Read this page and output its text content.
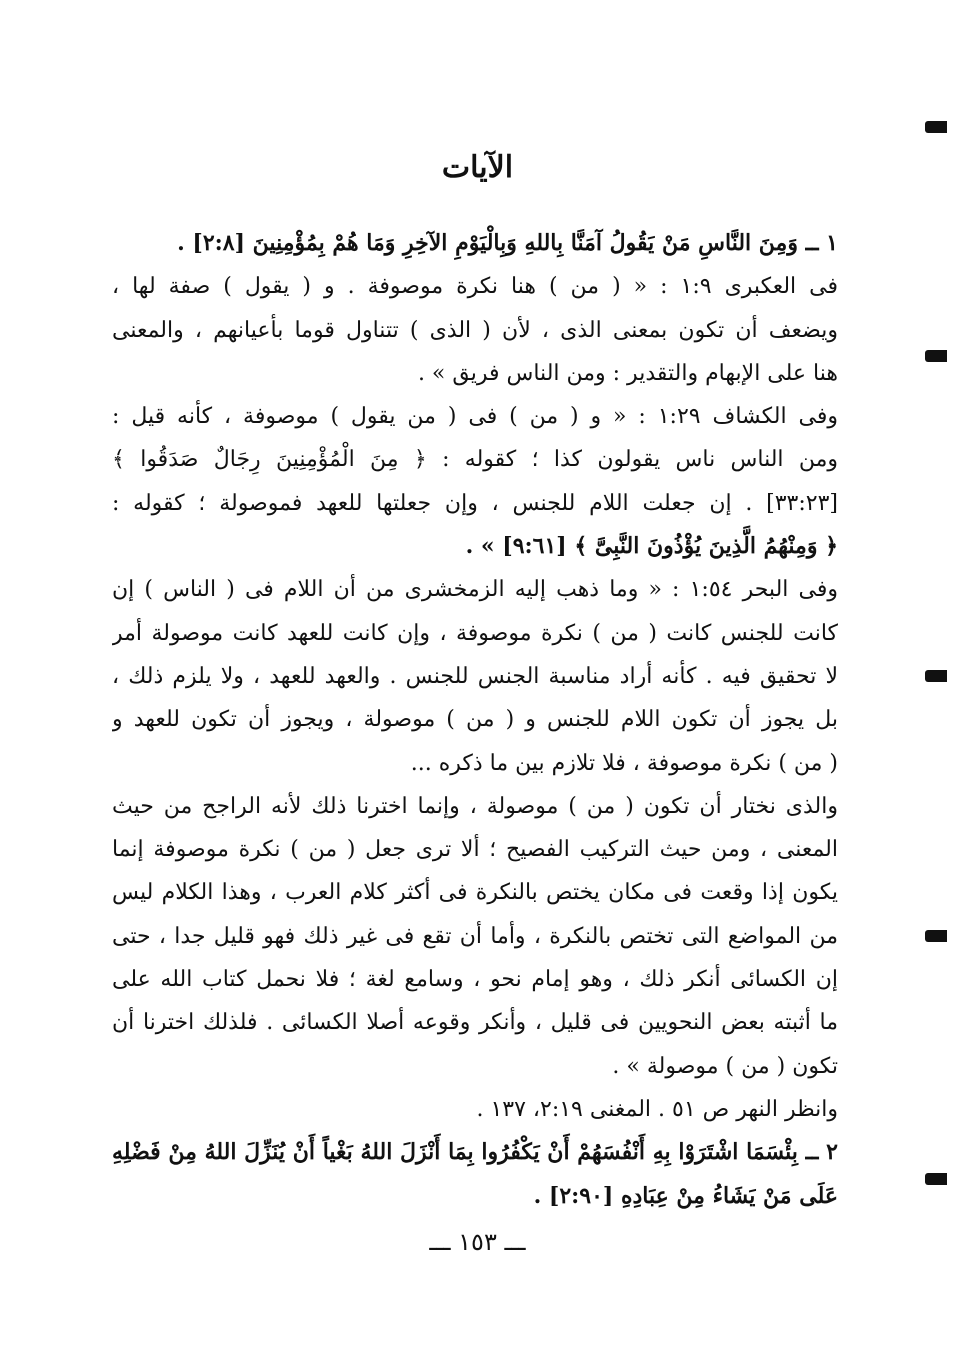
الآيات
١ ــ وَمِنَ النَّاسِ مَنْ يَقُولُ آمَنَّا بِاللهِ وَبِالْيَوْمِ الآخِرِ وَمَا هُمْ بِمُؤْمِنِينَ [٢:٨] .
فى العكبرى ١:٩ : « ( من ) هنا نكرة موصوفة . و ( يقول ) صفة لها ،
ويضعف أن تكون بمعنى الذى ، لأن ( الذى ) تتناول قوما بأعيانهم ، والمعنى
هنا على الإبهام والتقدير : ومن الناس فريق » .
وفى الكشاف ١:٢٩ : « و ( من ) فى ( من يقول ) موصوفة ، كأنه قيل :
ومن الناس ناس يقولون كذا ؛ كقوله : ﴿ مِنَ الْمُؤْمِنِينَ رِجَالٌ صَدَقُوا ﴾
[٣٣:٢٣] . إن جعلت اللام للجنس ، وإن جعلتها للعهد فموصولة ؛ كقوله :
﴿ وَمِنْهُمُ الَّذِينَ يُؤْذُونَ النَّبِىَّ ﴾ [٩:٦١] » .
وفى البحر ١:٥٤ : « وما ذهب إليه الزمخشرى من أن اللام فى ( الناس ) إن
كانت للجنس كانت ( من ) نكرة موصوفة ، وإن كانت للعهد كانت موصولة أمر
لا تحقيق فيه . كأنه أراد مناسبة الجنس للجنس . والعهد للعهد ، ولا يلزم ذلك ،
بل يجوز أن تكون اللام للجنس و ( من ) موصولة ، ويجوز أن تكون للعهد و
( من ) نكرة موصوفة ، فلا تلازم بين ما ذكره ...
والذى نختار أن تكون ( من ) موصولة ، وإنما اخترنا ذلك لأنه الراجح من حيث
المعنى ، ومن حيث التركيب الفصيح ؛ ألا ترى جعل ( من ) نكرة موصوفة إنما
يكون إذا وقعت فى مكان يختص بالنكرة فى أكثر كلام العرب ، وهذا الكلام ليس
من المواضع التى تختص بالنكرة ، وأما أن تقع فى غير ذلك فهو قليل جدا ، حتى
إن الكسائى أنكر ذلك ، وهو إمام نحو ، وسامع لغة ؛ فلا نحمل كتاب الله على
ما أثبته بعض النحويين فى قليل ، وأنكر وقوعه أصلا الكسائى . فلذلك اخترنا أن
تكون ( من ) موصولة » .
وانظر النهر ص ٥١ . المغنى ٢:١٩، ١٣٧ .
٢ ــ بِئْسَمَا اشْتَرَوْا بِهِ أَنْفُسَهُمْ أَنْ يَكْفُرُوا بِمَا أَنْزَلَ اللهُ بَغْياً أَنْ يُنَزِّلَ اللهُ مِنْ فَضْلِهِ
عَلَى مَنْ يَشَاءُ مِنْ عِبَادِهِ [٢:٩٠] .
ـــ ١٥٣ ـــ
